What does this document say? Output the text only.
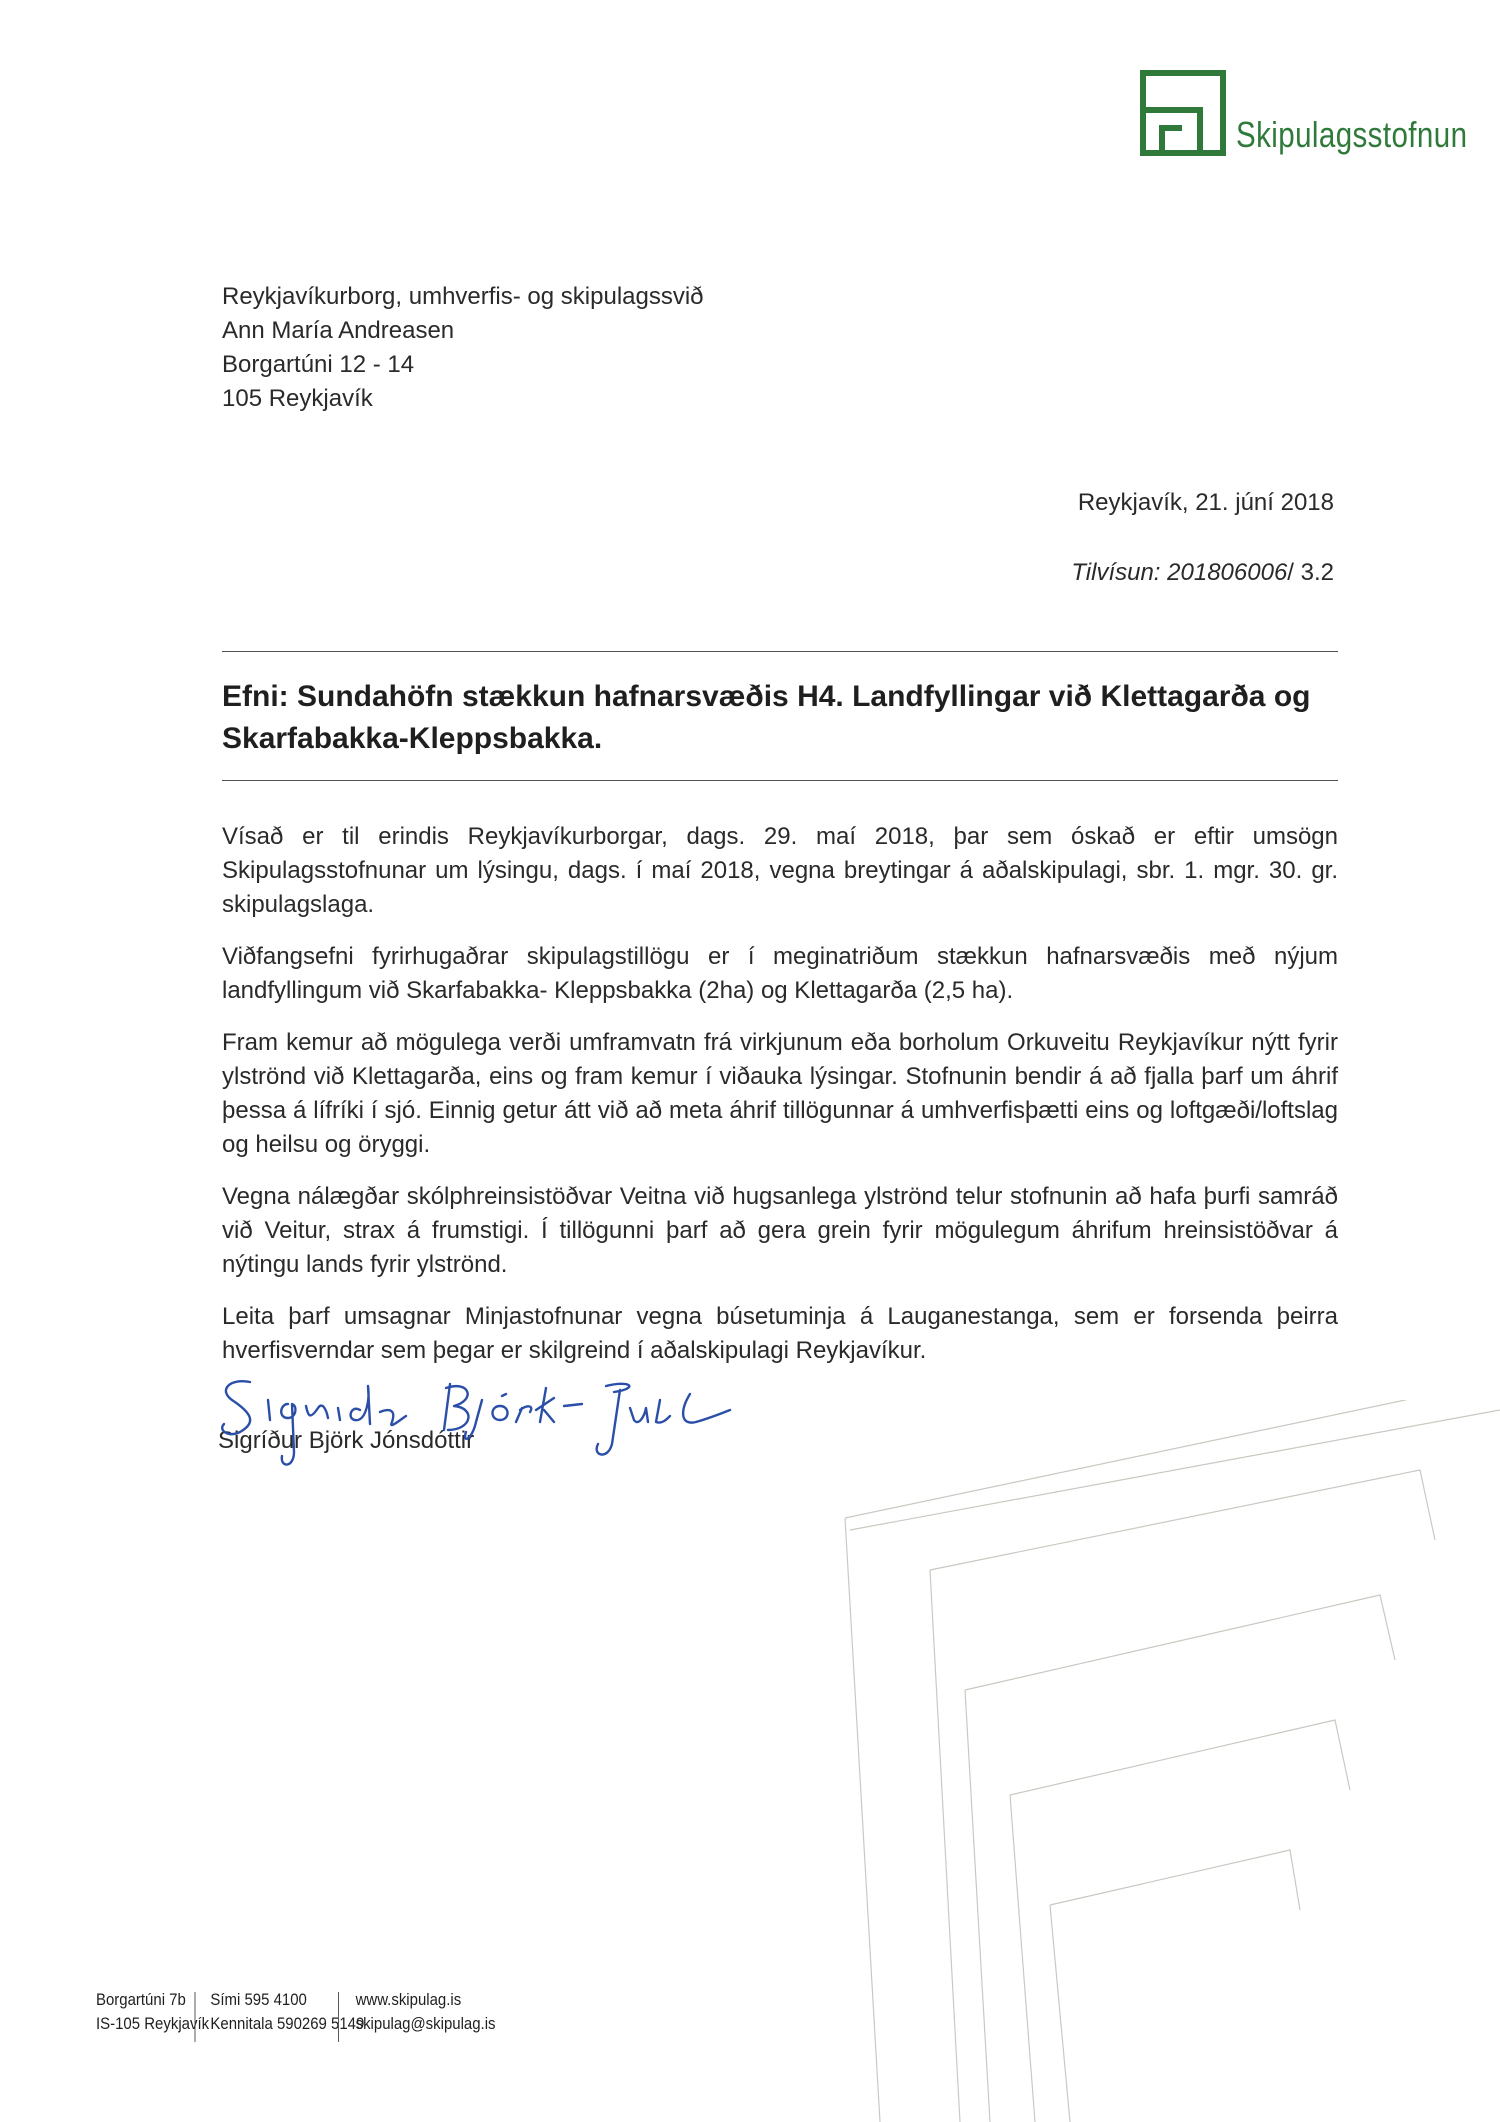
Skipulagsstofnun
Reykjavíkurborg, umhverfis- og skipulagssvið
Ann María Andreasen
Borgartúni 12 - 14
105 Reykjavík
Reykjavík, 21. júní 2018
Tilvísun: 201806006/ 3.2
Efni: Sundahöfn stækkun hafnarsvæðis H4. Landfyllingar við Klettagarða og
Skarfabakka-Kleppsbakka.

Vísað er til erindis Reykjavíkurborgar, dags. 29. maí 2018, þar sem óskað er eftir umsögn Skipulagsstofnunar um lýsingu, dags. í maí 2018, vegna breytingar á aðalskipulagi, sbr. 1. mgr. 30. gr. skipulagslaga.

Viðfangsefni fyrirhugaðrar skipulagstillögu er í meginatriðum stækkun hafnarsvæðis með nýjum landfyllingum við Skarfabakka- Kleppsbakka (2ha) og Klettagarða (2,5 ha).

Fram kemur að mögulega verði umframvatn frá virkjunum eða borholum Orkuveitu Reykjavíkur nýtt fyrir ylströnd við Klettagarða, eins og fram kemur í viðauka lýsingar. Stofnunin bendir á að fjalla þarf um áhrif þessa á lífríki í sjó. Einnig getur átt við að meta áhrif tillögunnar á umhverfisþætti eins og loftgæði/loftslag og heilsu og öryggi.

Vegna nálægðar skólphreinsistöðvar Veitna við hugsanlega ylströnd telur stofnunin að hafa þurfi samráð við Veitur, strax á frumstigi. Í tillögunni þarf að gera grein fyrir mögulegum áhrifum hreinsistöðvar á nýtingu lands fyrir ylströnd.

Leita þarf umsagnar Minjastofnunar vegna búsetuminja á Lauganestanga, sem er forsenda þeirra hverfisverndar sem þegar er skilgreind í aðalskipulagi Reykjavíkur.

Sigríður Björk Jónsdóttir
Borgartúni 7b
IS-105 Reykjavík
Sími 595 4100
Kennitala 590269 5149
www.skipulag.is
skipulag@skipulag.is
